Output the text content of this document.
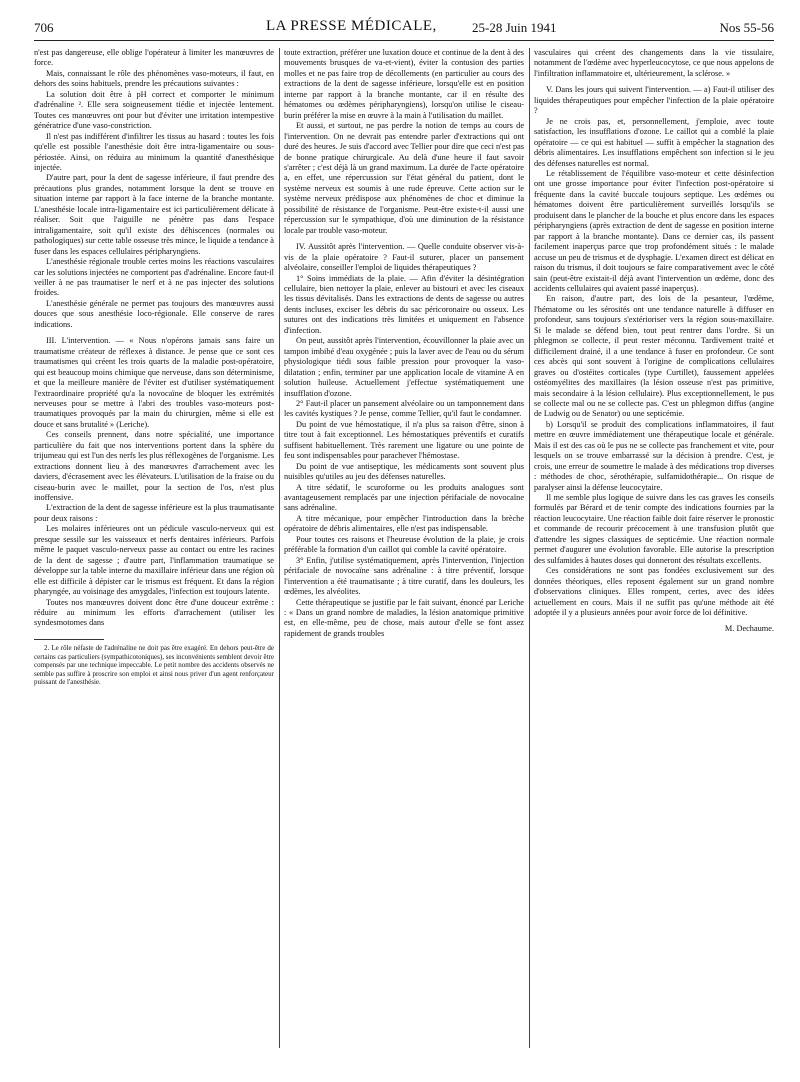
706	LA PRESSE MÉDICALE,	25-28 Juin 1941	Nos 55-56

n'est pas dangereuse, elle oblige l'opérateur à limiter les manœuvres de force.

Mais, connaissant le rôle des phénomènes vaso-moteurs, il faut, en dehors des soins habituels, prendre les précautions suivantes :

La solution doit être à pH correct et comporter le minimum d'adrénaline ². Elle sera soigneusement tiédie et injectée lentement. Toutes ces manœuvres ont pour but d'éviter une irritation intempestive génératrice d'une vaso-constriction.

Il n'est pas indifférent d'infiltrer les tissus au hasard : toutes les fois qu'elle est possible l'anesthésie doit être intra-ligamentaire ou sous-périostée. Ainsi, on réduira au minimum la quantité d'anesthésique injectée.

D'autre part, pour la dent de sagesse inférieure, il faut prendre des précautions plus grandes, notamment lorsque la dent se trouve en situation interne par rapport à la face interne de la branche montante. L'anesthésie locale intra-ligamentaire est ici particulièrement délicate à réaliser. Soit que l'aiguille ne pénètre pas dans l'espace intraligamentaire, soit qu'il existe des déhiscences (normales ou pathologiques) sur cette table osseuse très mince, le liquide a tendance à fuser dans les espaces cellulaires péripharyngiens.

L'anesthésie régionale trouble certes moins les réactions vasculaires car les solutions injectées ne comportent pas d'adrénaline. Encore faut-il veiller à ne pas traumatiser le nerf et à ne pas injecter des solutions froides.

L'anesthésie générale ne permet pas toujours des manœuvres aussi douces que sous anesthésie loco-régionale. Elle conserve de rares indications.

III. L'intervention. — « Nous n'opérons jamais sans faire un traumatisme créateur de réflexes à distance. Je pense que ce sont ces traumatismes qui créent les trois quarts de la maladie post-opératoire, qui est beaucoup moins chimique que nerveuse, dans son déterminisme, et que la meilleure manière de l'éviter est d'utiliser systématiquement l'extraordinaire propriété qu'a la novocaïne de bloquer les extrémités nerveuses pour se mettre à l'abri des troubles vaso-moteurs post-traumatiques provoqués par la main du chirurgien, même si elle est douce et sans brutalité » (Leriche).

Ces conseils prennent, dans notre spécialité, une importance particulière du fait que nos interventions portent dans la sphère du trijumeau qui est l'un des nerfs les plus réflexogènes de l'organisme. Les extractions donnent lieu à des manœuvres d'arrachement avec les daviers, d'écrasement avec les élévateurs. L'utilisation de la fraise ou du ciseau-burin avec le maillet, pour la section de l'os, n'est plus inoffensive.

L'extraction de la dent de sagesse inférieure est la plus traumatisante pour deux raisons :

Les molaires inférieures ont un pédicule vasculo-nerveux qui est presque sessile sur les vaisseaux et nerfs dentaires inférieurs. Parfois même le paquet vasculo-nerveux passe au contact ou entre les racines de la dent de sagesse ; d'autre part, l'inflammation traumatique se développe sur la table interne du maxillaire inférieur dans une région où elle est difficile à dépister car le trismus est fréquent. Et dans la région pharyngée, au voisinage des amygdales, l'infection est toujours latente.

Toutes nos manœuvres doivent donc être d'une douceur extrême : réduire au minimum les efforts d'arrachement (utiliser les syndesmotomes dans

2. Le rôle néfaste de l'adrénaline ne doit pas être exagéré. En dehors peut-être de certains cas particuliers (sympathicotoniques), ses inconvénients semblent devoir être compensés par une technique impeccable. Le petit nombre des accidents observés ne semble pas suffire à proscrire son emploi et ainsi nous priver d'un agent renforçateur puissant de l'anesthésie.

toute extraction, préférer une luxation douce et continue de la dent à des mouvements brusques de va-et-vient), éviter la contusion des parties molles et ne pas faire trop de décollements (en particulier au cours des extractions de la dent de sagesse inférieure, lorsqu'elle est en position interne par rapport à la branche montante, car il en résulte des hématomes ou œdèmes péripharyngiens), lorsqu'on utilise le ciseau-burin préférer la mise en œuvre à la main à l'utilisation du maillet.

Et aussi, et surtout, ne pas perdre la notion de temps au cours de l'intervention. On ne devrait pas entendre parler d'extractions qui ont duré des heures. Je suis d'accord avec Tellier pour dire que ceci n'est pas de bonne pratique chirurgicale. Au delà d'une heure il faut savoir s'arrêter ; c'est déjà là un grand maximum. La durée de l'acte opératoire a, en effet, une répercussion sur l'état général du patient, dont le système nerveux est soumis à une rude épreuve. Cette action sur le système nerveux prédispose aux phénomènes de choc et diminue la possibilité de résistance de l'organisme. Peut-être existe-t-il aussi une répercussion sur le sympathique, d'où une diminution de la résistance locale par trouble vaso-moteur.

IV. Aussitôt après l'intervention. — Quelle conduite observer vis-à-vis de la plaie opératoire ? Faut-il suturer, placer un pansement alvéolaire, conseiller l'emploi de liquides thérapeutiques ?

1° Soins immédiats de la plaie. — Afin d'éviter la désintégration cellulaire, bien nettoyer la plaie, enlever au bistouri et avec les ciseaux les tissus dévitalisés. Dans les extractions de dents de sagesse ou autres dents incluses, exciser les débris du sac péricoronaire ou osseux. Les sutures ont des indications très limitées et uniquement en l'absence d'infection.

On peut, aussitôt après l'intervention, écouvillonner la plaie avec un tampon imbibé d'eau oxygénée ; puis la laver avec de l'eau ou du sérum physiologique tiédi sous faible pression pour provoquer la vaso-dilatation ; enfin, terminer par une application locale de vitamine A en solution huileuse. Actuellement j'effectue systématiquement une insufflation d'ozone.

2° Faut-il placer un pansement alvéolaire ou un tamponnement dans les cavités kystiques ? Je pense, comme Tellier, qu'il faut le condamner.

Du point de vue hémostatique, il n'a plus sa raison d'être, sinon à titre tout à fait exceptionnel. Les hémostatiques préventifs et curatifs suffisent habituellement. Très rarement une ligature ou une pointe de feu sont indispensables pour parachever l'hémostase.

Du point de vue antiseptique, les médicaments sont souvent plus nuisibles qu'utiles au jeu des défenses naturelles.

A titre sédatif, le scuroforme ou les produits analogues sont avantageusement remplacés par une injection périfaciale de novocaïne sans adrénaline.

A titre mécanique, pour empêcher l'introduction dans la brèche opératoire de débris alimentaires, elle n'est pas indispensable.

Pour toutes ces raisons et l'heureuse évolution de la plaie, je crois préférable la formation d'un caillot qui comble la cavité opératoire.

3° Enfin, j'utilise systématiquement, après l'intervention, l'injection périfaciale de novocaïne sans adrénaline : à titre préventif, lorsque l'intervention a été traumatisante ; à titre curatif, dans les douleurs, les œdèmes, les alvéolites.

Cette thérapeutique se justifie par le fait suivant, énoncé par Leriche : « Dans un grand nombre de maladies, la lésion anatomique primitive est, en elle-même, peu de chose, mais autour d'elle se font assez rapidement de grands troubles

vasculaires qui créent des changements dans la vie tissulaire, notamment de l'œdème avec hyperleucocytose, ce que nous appelons de l'infiltration inflammatoire et, ultérieurement, la sclérose. »

V. Dans les jours qui suivent l'intervention. — a) Faut-il utiliser des liquides thérapeutiques pour empêcher l'infection de la plaie opératoire ?

Je ne crois pas, et, personnellement, j'emploie, avec toute satisfaction, les insufflations d'ozone. Le caillot qui a comblé la plaie opératoire — ce qui est habituel — suffit à empêcher la stagnation des débris alimentaires. Les insufflations empêchent son infection si le jeu des défenses naturelles est normal.

Le rétablissement de l'équilibre vaso-moteur et cette désinfection ont une grosse importance pour éviter l'infection post-opératoire si fréquente dans la cavité buccale toujours septique. Les œdèmes ou hématomes doivent être particulièrement surveillés lorsqu'ils se produisent dans le plancher de la bouche et plus encore dans les espaces péripharyngiens (après extraction de dent de sagesse en position interne par rapport à la branche montante). Dans ce dernier cas, ils passent facilement inaperçus parce que trop profondément situés : le malade accuse un peu de trismus et de dysphagie. L'examen direct est délicat en raison du trismus, il doit toujours se faire comparativement avec le côté sain (peut-être existait-il déjà avant l'intervention un œdème, donc des accidents cellulaires qui avaient passé inaperçus).

En raison, d'autre part, des lois de la pesanteur, l'œdème, l'hématome ou les sérosités ont une tendance naturelle à diffuser en profondeur, sans toujours s'extérioriser vers la région sous-maxillaire. Si le malade se défend bien, tout peut rentrer dans l'ordre. Si un phlegmon se collecte, il peut rester méconnu. Tardivement traité et difficilement drainé, il a une tendance à fuser en profondeur. Ce sont ces abcès qui sont souvent à l'origine de complications cellulaires graves ou d'ostéites corticales (type Curtillet), faussement appelées ostéomyélites des maxillaires (la lésion osseuse n'est pas primitive, mais secondaire à la lésion cellulaire). Plus exceptionnellement, le pus se collecte mal ou ne se collecte pas. C'est un phlegmon diffus (angine de Ludwig ou de Senator) ou une septicémie.

b) Lorsqu'il se produit des complications inflammatoires, il faut mettre en œuvre immédiatement une thérapeutique locale et générale. Mais il est des cas où le pus ne se collecte pas franchement et vite, pour lesquels on se trouve embarrassé sur la décision à prendre. C'est, je crois, une erreur de soumettre le malade à des médications trop diverses : méthodes de choc, sérothérapie, sulfamidothérapie... On risque de paralyser ainsi la défense leucocytaire.

Il me semble plus logique de suivre dans les cas graves les conseils formulés par Bérard et de tenir compte des indications fournies par la réaction leucocytaire. Une réaction faible doit faire réserver le pronostic et commande de recourir précocement à une transfusion plutôt que d'attendre les signes classiques de septicémie. Une réaction normale permet d'augurer une évolution favorable. Elle autorise la prescription des sulfamides à hautes doses qui donneront des résultats excellents.

Ces considérations ne sont pas fondées exclusivement sur des données théoriques, elles reposent également sur un grand nombre d'observations cliniques. Elles rompent, certes, avec des idées actuellement en cours. Mais il ne suffit pas qu'une méthode ait été adoptée il y a plusieurs années pour avoir force de loi définitive.

M. Dechaume.
